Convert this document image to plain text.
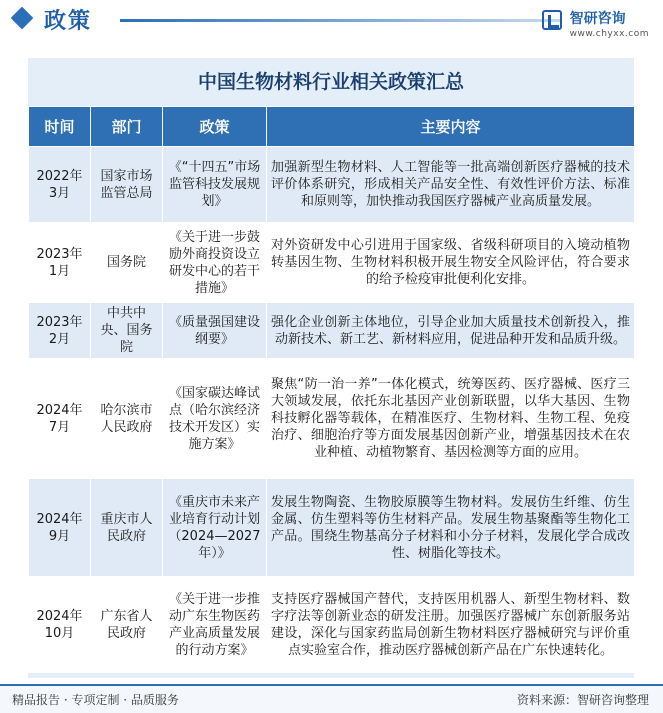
政策	智研咨询
www.chyxx.com
中国生物材料行业相关政策汇总
时间	部门	政策	主要内容
2022年3月	国家市场监管总局	《“十四五”市场监管科技发展规划》	加强新型生物材料、人工智能等一批高端创新医疗器械的技术评价体系研究，形成相关产品安全性、有效性评价方法、标准和原则等，加快推动我国医疗器械产业高质量发展。
2023年1月	国务院	《关于进一步鼓励外商投资设立研发中心的若干措施》	对外资研发中心引进用于国家级、省级科研项目的入境动植物转基因生物、生物材料积极开展生物安全风险评估，符合要求的给予检疫审批便利化安排。
2023年2月	中共中央、国务院	《质量强国建设纲要》	强化企业创新主体地位，引导企业加大质量技术创新投入，推动新技术、新工艺、新材料应用，促进品种开发和品质升级。
2024年7月	哈尔滨市人民政府	《国家碳达峰试点（哈尔滨经济技术开发区）实施方案》	聚焦“防一治一养”一体化模式，统筹医药、医疗器械、医疗三大领域发展，依托东北基因产业创新联盟，以华大基因、生物科技孵化器等载体，在精准医疗、生物材料、生物工程、免疫治疗、细胞治疗等方面发展基因创新产业，增强基因技术在农业种植、动植物繁育、基因检测等方面的应用。
2024年9月	重庆市人民政府	《重庆市未来产业培育行动计划（2024—2027年）》	发展生物陶瓷、生物胶原膜等生物材料。发展仿生纤维、仿生金属、仿生塑料等仿生材料产品。发展生物基聚酯等生物化工产品。围绕生物基高分子材料和小分子材料，发展化学合成改性、树脂化等技术。
2024年10月	广东省人民政府	《关于进一步推动广东生物医药产业高质量发展的行动方案》	支持医疗器械国产替代，支持医用机器人、新型生物材料、数字疗法等创新业态的研发注册。加强医疗器械广东创新服务站建设，深化与国家药监局创新生物材料医疗器械研究与评价重点实验室合作，推动医疗器械创新产品在广东快速转化。
精品报告 · 专项定制 · 品质服务	资料来源：智研咨询整理
